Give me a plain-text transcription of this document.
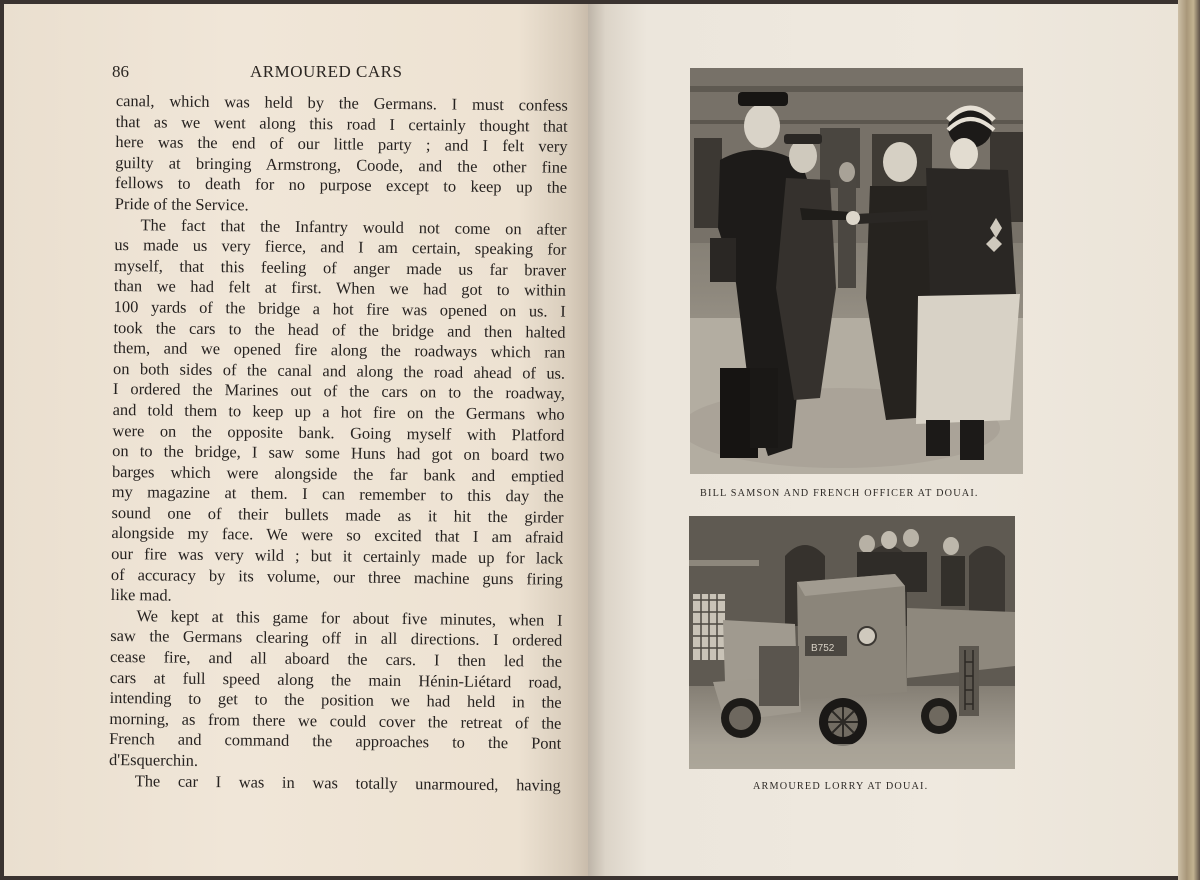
86	ARMOURED CARS
canal, which was held by the Germans. I must confess
that as we went along this road I certainly thought that
here was the end of our little party ; and I felt very
guilty at bringing Armstrong, Coode, and the other fine
fellows to death for no purpose except to keep up the
Pride of the Service.
The fact that the Infantry would not come on after
us made us very fierce, and I am certain, speaking for
myself, that this feeling of anger made us far braver
than we had felt at first. When we had got to within
100 yards of the bridge a hot fire was opened on us. I
took the cars to the head of the bridge and then halted
them, and we opened fire along the roadways which ran
on both sides of the canal and along the road ahead of us.
I ordered the Marines out of the cars on to the roadway,
and told them to keep up a hot fire on the Germans who
were on the opposite bank. Going myself with Platford
on to the bridge, I saw some Huns had got on board two
barges which were alongside the far bank and emptied
my magazine at them. I can remember to this day the
sound one of their bullets made as it hit the girder
alongside my face. We were so excited that I am afraid
our fire was very wild ; but it certainly made up for lack
of accuracy by its volume, our three machine guns firing
like mad.
We kept at this game for about five minutes, when I
saw the Germans clearing off in all directions. I ordered
cease fire, and all aboard the cars. I then led the
cars at full speed along the main Hénin-Liétard road,
intending to get to the position we had held in the
morning, as from there we could cover the retreat of the
French and command the approaches to the Pont
d'Esquerchin.
The car I was in was totally unarmoured, having
BILL SAMSON AND FRENCH OFFICER AT DOUAI.
B752
ARMOURED LORRY AT DOUAI.
